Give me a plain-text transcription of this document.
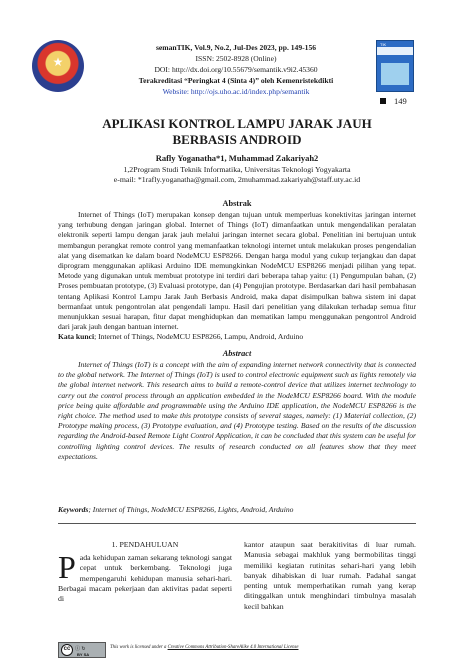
★
semanTIK, Vol.9, No.2, Jul-Des 2023, pp. 149-156
ISSN: 2502-8928 (Online)
DOI: http://dx.doi.org/10.55679/semantik.v9i2.45360
Terakreditasi “Peringkat 4 (Sinta 4)” oleh Kemenristekdikti
Website: http://ojs.uho.ac.id/index.php/semantik
TIK
149
APLIKASI KONTROL LAMPU JARAK JAUH
BERBASIS ANDROID
Rafly Yoganatha*1, Muhammad Zakariyah2
1,2Program Studi Teknik Informatika, Universitas Teknologi Yogyakarta
e-mail: *1rafly.yoganatha@gmail.com, 2muhammad.zakariyah@staff.uty.ac.id
Abstrak
Internet of Things (IoT) merupakan konsep dengan tujuan untuk memperluas konektivitas jaringan internet yang terhubung dengan jaringan global. Internet of Things (IoT) dimanfaatkan untuk mengendalikan peralatan elektronik seperti lampu dengan jarak jauh melalui jaringan internet secara global. Penelitian ini bertujuan untuk membangun perangkat remote control yang memanfaatkan teknologi internet untuk melakukan proses pengendalian alat yang disematkan ke dalam board NodeMCU ESP8266. Dengan harga modul yang cukup terjangkau dan dapat diprogram menggunakan aplikasi Arduino IDE memungkinkan NodeMCU ESP8266 menjadi pilihan yang tepat. Metode yang digunakan untuk membuat prototype ini terdiri dari beberapa tahap yaitu: (1) Pengumpulan bahan, (2) Proses pembuatan prototype, (3) Evaluasi prototype, dan (4) Pengujian prototype. Berdasarkan dari hasil pembahasan tentang Aplikasi Kontrol Lampu Jarak Jauh Berbasis Android, maka dapat disimpulkan bahwa sistem ini dapat bermanfaat untuk pengontrolan alat pengendali lampu. Hasil dari penelitian yang dilakukan terhadap semua fitur menunjukkan sesuai harapan, fitur dapat menghidupkan dan mematikan lampu menggunakan pengontrol Android dari jarak jauh dengan bantuan internet.
Kata kunci; Internet of Things, NodeMCU ESP8266, Lampu, Android, Arduino
Abstract
Internet of Things (IoT) is a concept with the aim of expanding internet network connectivity that is connected to the global network. The Internet of Things (IoT) is used to control electronic equipment such as lights remotely via the global internet network. This research aims to build a remote-control device that utilizes internet technology to carry out the control process through an application embedded in the NodeMCU ESP8266 board. With the module price being quite affordable and programmable using the Arduino IDE application, the NodeMCU ESP8266 is the right choice. The method used to make this prototype consists of several stages, namely: (1) Material collection, (2) Prototype making process, (3) Prototype evaluation, and (4) Prototype testing. Based on the results of the discussion regarding the Android-based Remote Light Control Application, it can be concluded that this system can be useful for controlling lighting control devices. The results of research conducted on all features show that they meet expectations.
Keywords; Internet of Things, NodeMCU ESP8266, Lights, Android, Arduino
1. PENDAHULUAN
Pada kehidupan zaman sekarang teknologi sangat cepat untuk berkembang. Teknologi juga mempengaruhi kehidupan manusia sehari-hari. Berbagai macam pekerjaan dan aktivitas padat seperti di
kantor ataupun saat berakitivitas di luar rumah. Manusia sebagai makhluk yang bermobilitas tinggi memiliki kegiatan rutinitas sehari-hari yang lebih banyak dihabiskan di luar rumah. Padahal sangat penting untuk memperhatikan rumah yang kerap ditinggalkan untuk menghindari timbulnya masalah kecil bahkan
cc ⓘ ↻
BY SA
This work is licensed under a Creative Commons Attribution-ShareAlike 4.0 International License
